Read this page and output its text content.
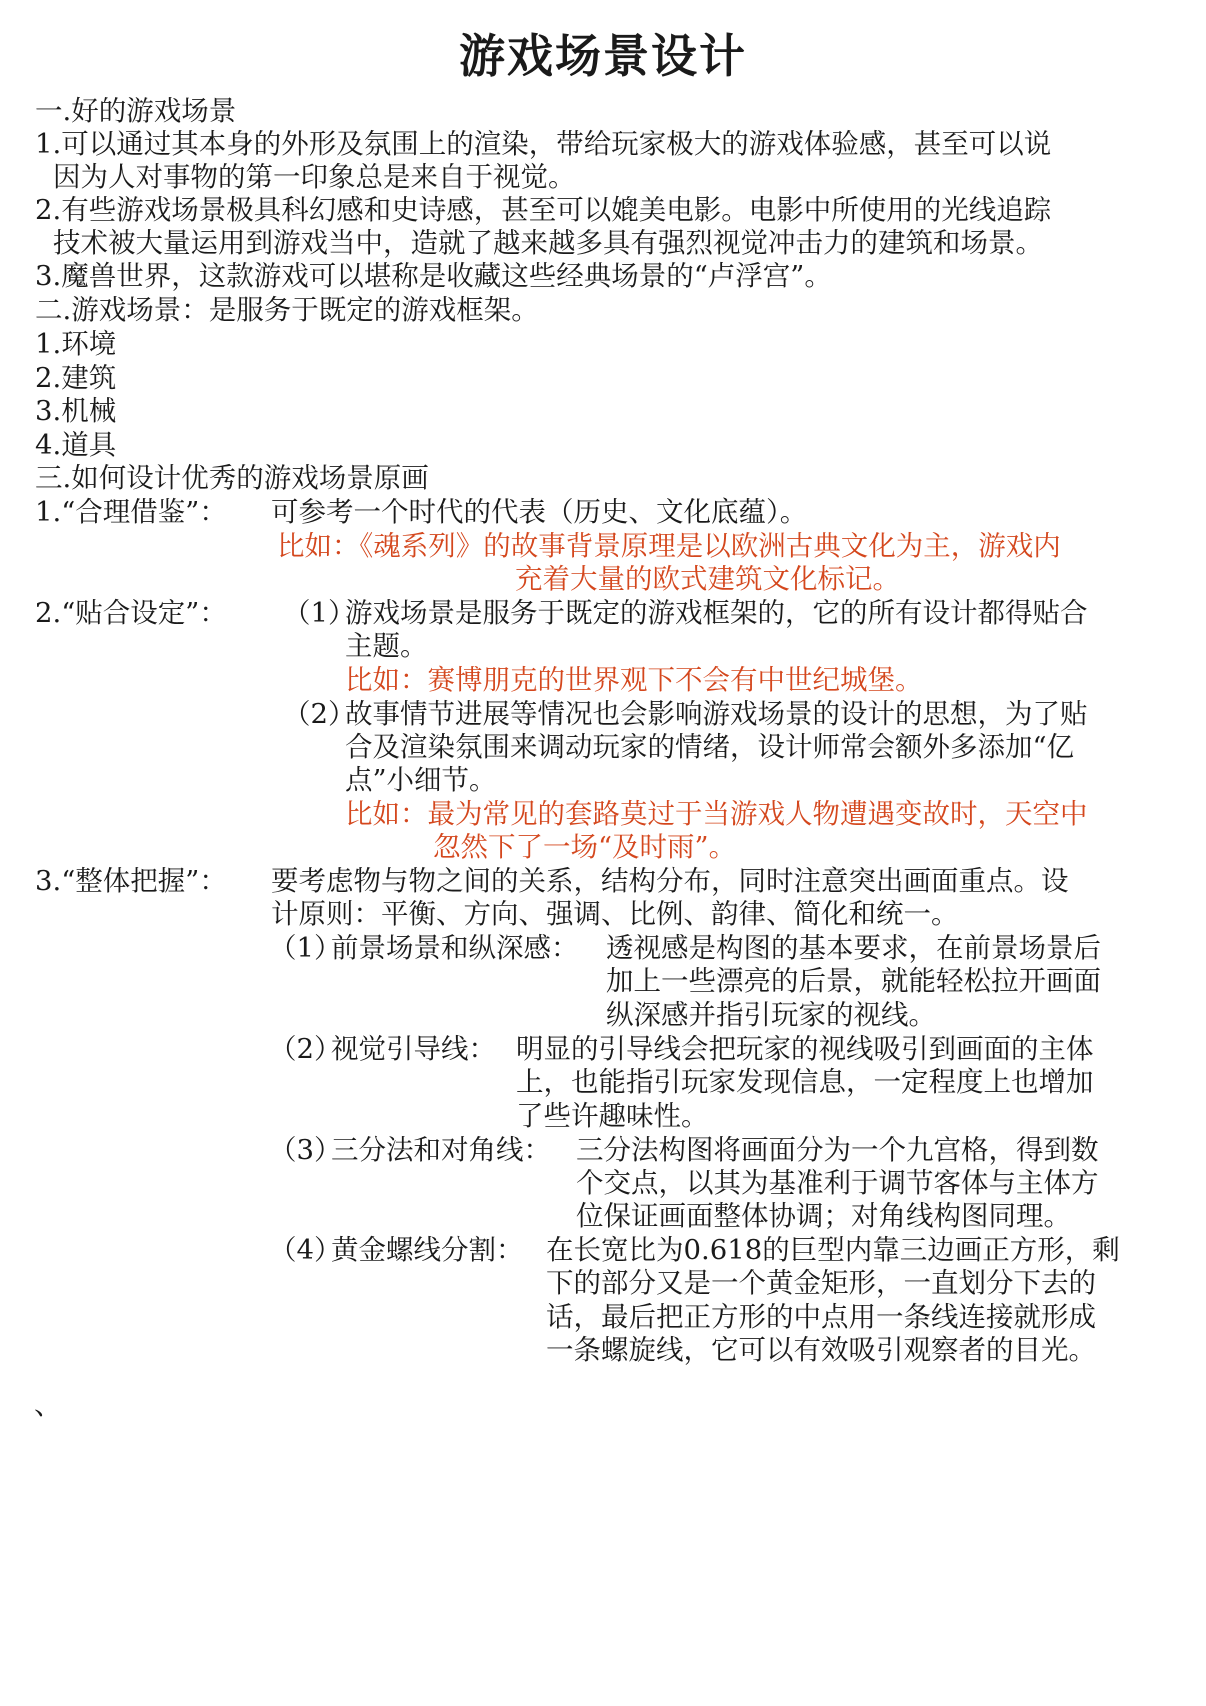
游戏场景设计
一.好的游戏场景
1.可以通过其本身的外形及氛围上的渲染，带给玩家极大的游戏体验感，甚至可以说
因为人对事物的第一印象总是来自于视觉。
2.有些游戏场景极具科幻感和史诗感，甚至可以媲美电影。电影中所使用的光线追踪
技术被大量运用到游戏当中，造就了越来越多具有强烈视觉冲击力的建筑和场景。
3.魔兽世界，这款游戏可以堪称是收藏这些经典场景的“卢浮宫”。
二.游戏场景：是服务于既定的游戏框架。
1.环境
2.建筑
3.机械
4.道具
三.如何设计优秀的游戏场景原画
1.“合理借鉴”： 可参考一个时代的代表（历史、文化底蕴）。
比如：《魂系列》的故事背景原理是以欧洲古典文化为主，游戏内
充着大量的欧式建筑文化标记。
2.“贴合设定”： （1）
游戏场景是服务于既定的游戏框架的，它的所有设计都得贴合
主题。
比如：赛博朋克的世界观下不会有中世纪城堡。
（2）
故事情节进展等情况也会影响游戏场景的设计的思想，为了贴
合及渲染氛围来调动玩家的情绪，设计师常会额外多添加“亿
点”小细节。
比如：最为常见的套路莫过于当游戏人物遭遇变故时，天空中
忽然下了一场“及时雨”。
3.“整体把握”： 要考虑物与物之间的关系，结构分布，同时注意突出画面重点。设
计原则：平衡、方向、强调、比例、韵律、简化和统一。
（1）
前景场景和纵深感： 透视感是构图的基本要求，在前景场景后
加上一些漂亮的后景，就能轻松拉开画面
纵深感并指引玩家的视线。
（2）
视觉引导线： 明显的引导线会把玩家的视线吸引到画面的主体
上，也能指引玩家发现信息，一定程度上也增加
了些许趣味性。
（3）
三分法和对角线： 三分法构图将画面分为一个九宫格，得到数
个交点，以其为基准利于调节客体与主体方
位保证画面整体协调；对角线构图同理。
（4）
黄金螺线分割： 在长宽比为0.618的巨型内靠三边画正方形，剩
下的部分又是一个黄金矩形，一直划分下去的
话，最后把正方形的中点用一条线连接就形成
一条螺旋线，它可以有效吸引观察者的目光。
、
